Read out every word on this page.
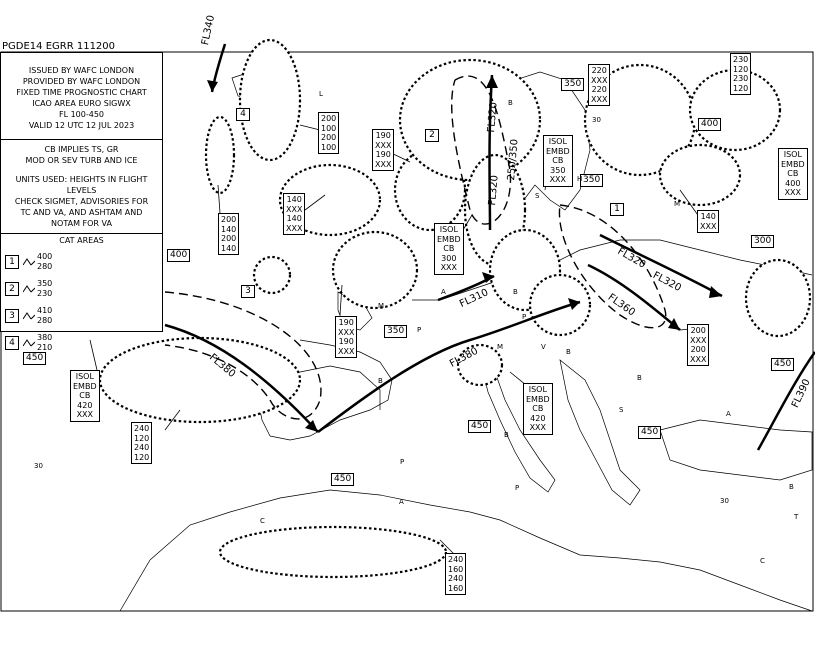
PGDE14 EGRR 111200
ISSUED BY WAFC LONDON
PROVIDED BY WAFC LONDON
FIXED TIME PROGNOSTIC CHART
ICAO AREA EURO SIGWX
FL 100-450
VALID 12 UTC 12 JUL 2023
CB IMPLIES TS, GR
MOD OR SEV TURB AND ICE
UNITS USED: HEIGHTS IN FLIGHT LEVELS
CHECK SIGMET, ADVISORIES FOR
TC AND VA, AND ASHTAM AND
NOTAM FOR VA
CAT AREAS
1
400
280
2
350
230
3
410
280
4
380
210
400
350
400
300
350
450
450
450
450
450
350
FL340
FL320
250/350
FL320
FL310
FL320
FL320
FL360
FL380	FL380
FL390
1
2
3
4	200
100
200
100
190
XXX
190
XXX
140
XXX
140
XXX
200
140
200
140
190
XXX
190
XXX
ISOL
EMBD
CB
300
XXX
ISOL
EMBD
CB
350
XXX
220
XXX
220
XXX
230
120
230
120
140
XXX
ISOL
EMBD
CB
400
XXX
200
XXX
200
XXX
ISOL
EMBD
CB
420
XXX
240
120
240
120
ISOL
EMBD
CB
420
XXX
240
160
240
160
H
L
B
B
B
B
M
M
M
V
P
P
P
B
S	A
A
S
B
C
C
A
B
T
P
30
30
30
